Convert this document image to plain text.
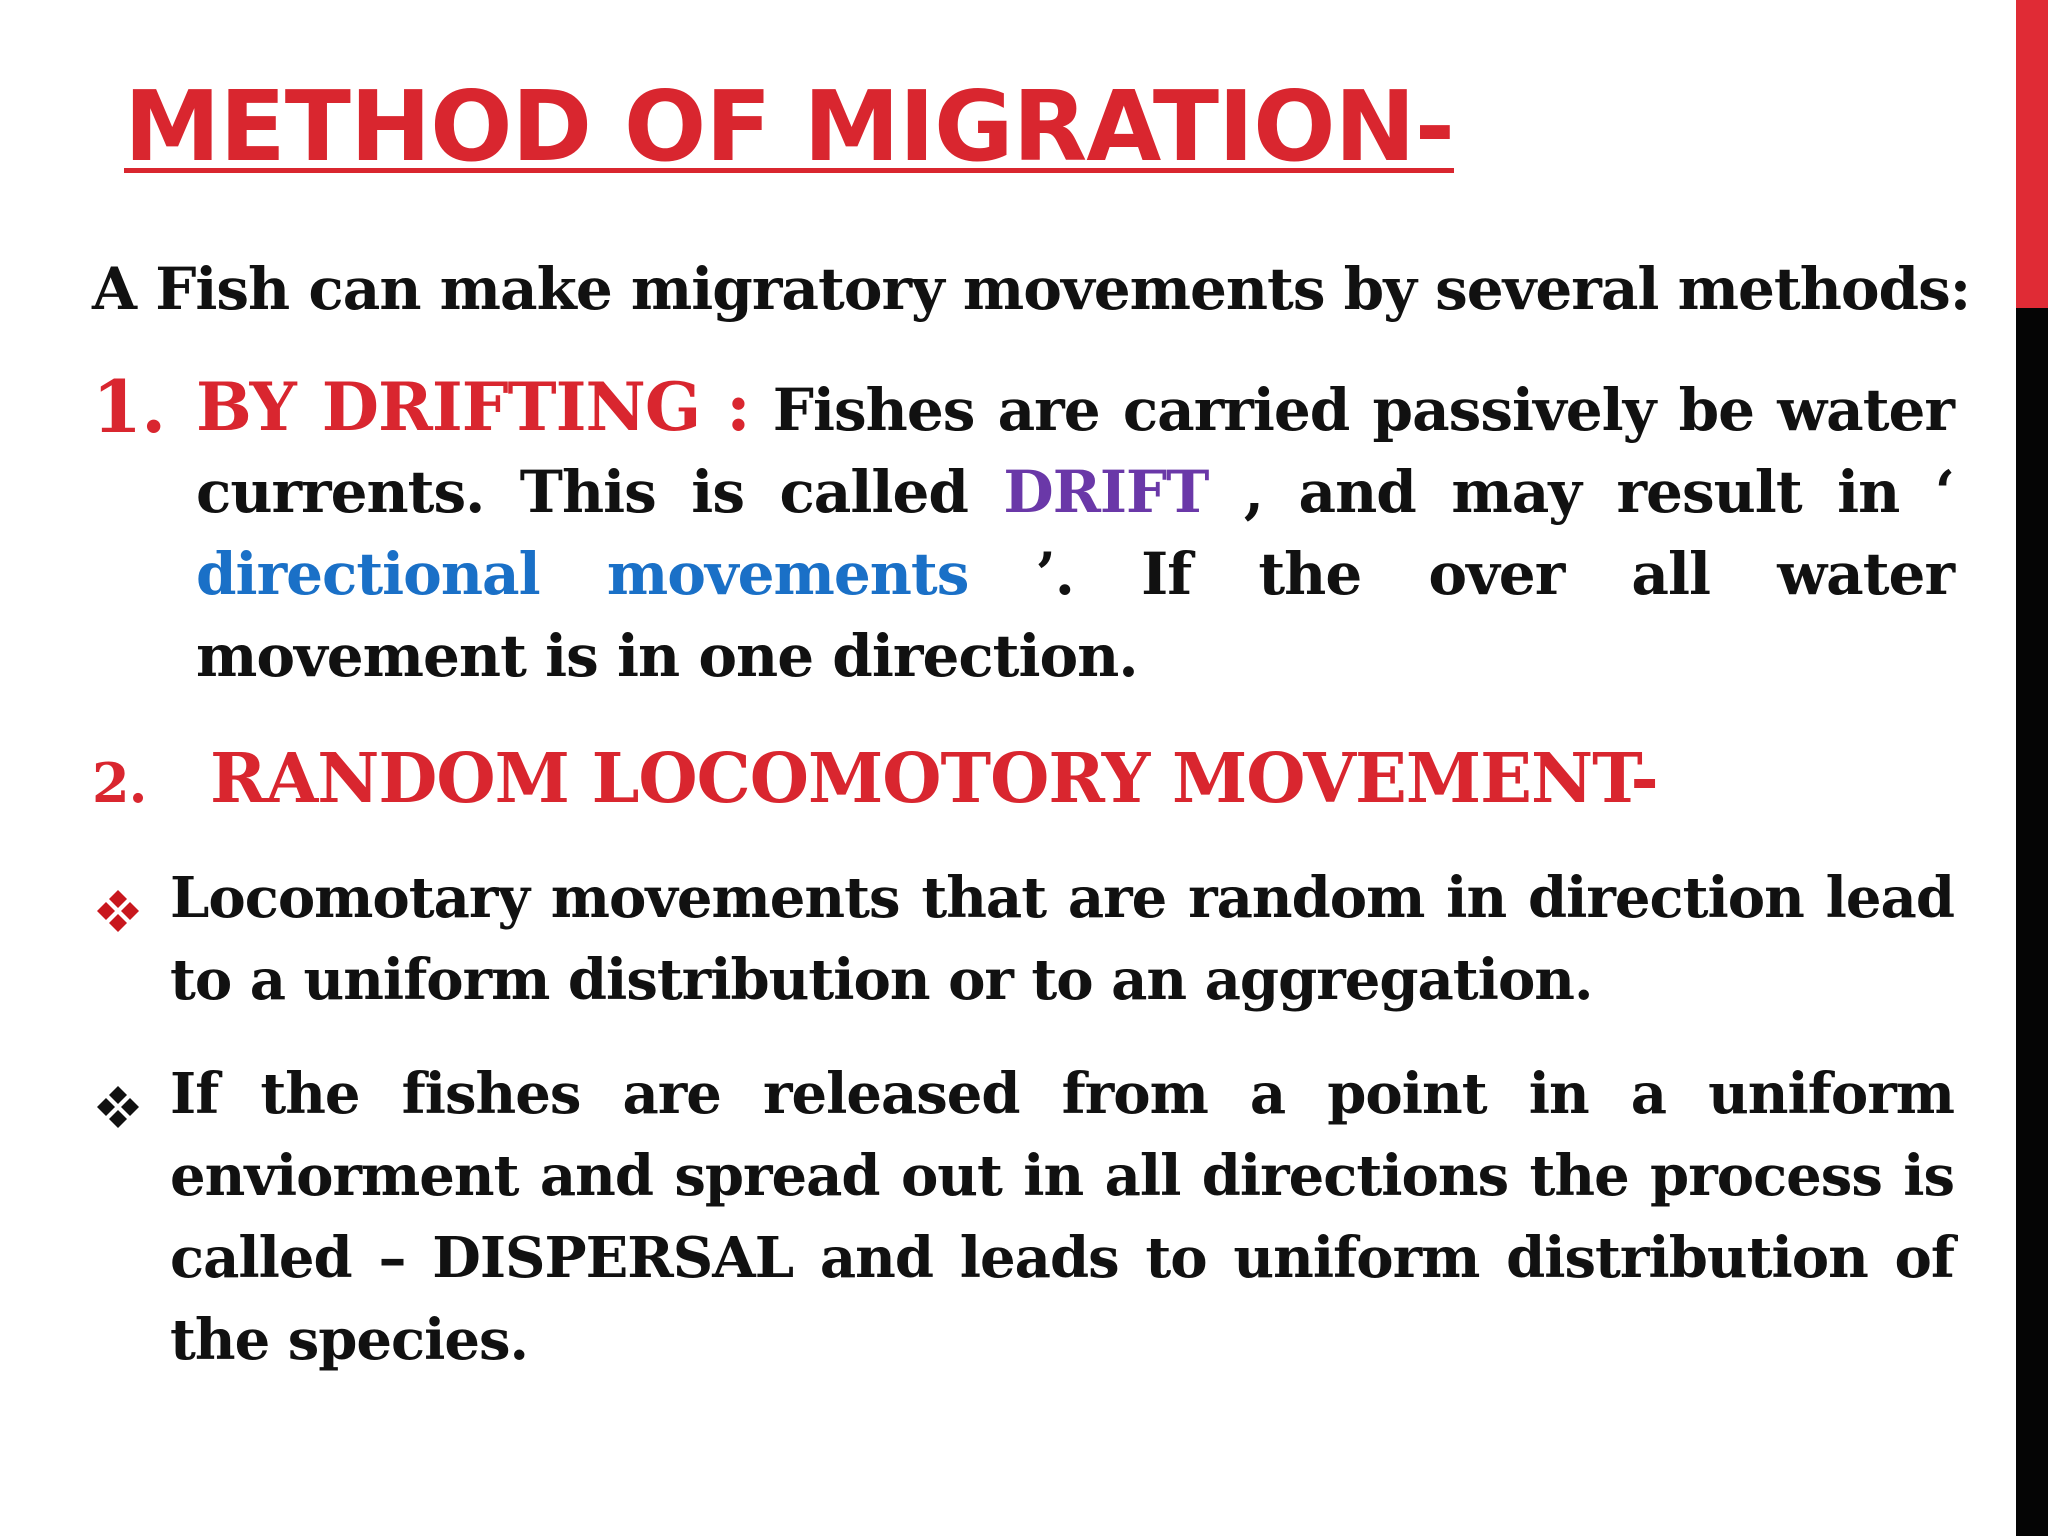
METHOD OF MIGRATION-

A Fish can make migratory movements by several methods:

1. BY DRIFTING : Fishes are carried passively be water currents. This is called DRIFT , and may result in ‘ directional movements ’. If the over all water movement is in one direction.

2. RANDOM LOCOMOTORY MOVEMENT-

Locomotary movements that are random in direction lead to a uniform distribution or to an aggregation.

If the fishes are released from a point in a uniform enviorment and spread out in all directions the process is called – DISPERSAL and leads to uniform distribution of the species.
